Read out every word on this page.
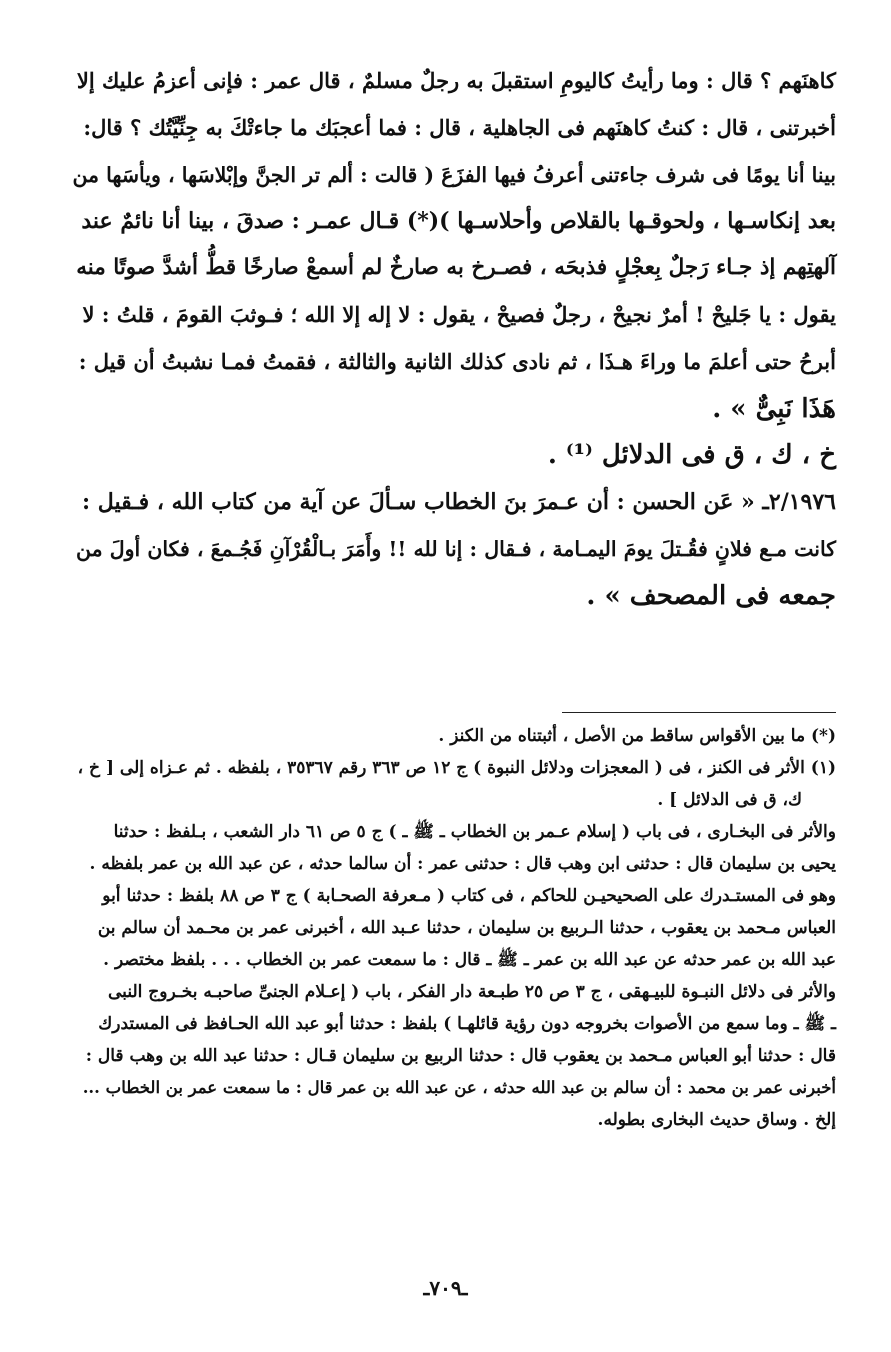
كاهنَهم ؟ قال : وما رأيتُ كاليومِ استقبلَ به رجلٌ مسلمٌ ، قال عمر : فإنى أعزمُ عليك إلا
أخبرتنى ، قال : كنتُ كاهنَهم فى الجاهلية ، قال : فما أعجبَك ما جاءتْكَ به جِنِّيَّتُك ؟ قال:
بينا أنا يومًا فى شرف جاءتنى أعرفُ فيها الفزَعَ ( قالت : ألم تر الجنَّ وإبْلاسَها ، ويأسَها من
بعد إنكاسـها ، ولحوقـها بالقلاص وأحلاسـها )(*) قـال عمـر : صدقَ ، بينا أنا نائمٌ عند
آلهتِهم إذ جـاء رَجلٌ بِعجْلٍ فذبحَه ، فصـرخ به صارخٌ لم أسمعْ صارخًا قطُّ أشدَّ صوتًا منه
يقول : يا جَليحْ ! أمرٌ نجيحْ ، رجلٌ فصيحْ ، يقول : لا إله إلا الله ؛ فـوثبَ القومَ ، قلتُ : لا
أبرحُ حتى أعلمَ ما وراءَ هـذَا ، ثم نادى كذلك الثانية والثالثة ، فقمتُ فمـا نشبتُ أن قيل :
هَذَا نَبِىٌّ » .
خ ، ك ، ق فى الدلائل ⁽¹⁾ .
٢/١٩٧٦ـ « عَن الحسن : أن عـمرَ بنَ الخطاب سـألَ عن آية من كتاب الله ، فـقيل :
كانت مـع فلانٍ فقُـتلَ يومَ اليمـامة ، فـقال : إنا لله !! وأَمَرَ بـالْقُرْآنِ فَجُـمعَ ، فكان أولَ من
جمعه فى المصحف » .
(*) ما بين الأقواس ساقط من الأصل ، أثبتناه من الكنز .
(١) الأثر فى الكنز ، فى ( المعجزات ودلائل النبوة ) ج ١٢ ص ٣٦٣ رقم ٣٥٣٦٧ ، بلفظه . ثم عـزاه إلى [ خ ،
ك، ق فى الدلائل ] .
والأثر فى البخـارى ، فى باب ( إسلام عـمر بن الخطاب ـ ﷺ ـ ) ج ٥ ص ٦١ دار الشعب ، بـلفظ : حدثنا
يحيى بن سليمان قال : حدثنى ابن وهب قال : حدثنى عمر : أن سالما حدثه ، عن عبد الله بن عمر بلفظه .
وهو فى المستـدرك على الصحيحيـن للحاكم ، فى كتاب ( مـعرفة الصحـابة ) ج ٣ ص ٨٨ بلفظ : حدثنا أبو
العباس مـحمد بن يعقوب ، حدثنا الـربيع بن سليمان ، حدثنا عـبد الله ، أخبرنى عمر بن محـمد أن سالم بن
عبد الله بن عمر حدثه عن عبد الله بن عمر ـ ﷺ ـ قال : ما سمعت عمر بن الخطاب . . . بلفظ مختصر .
والأثر فى دلائل النبـوة للبيـهقى ، ج ٣ ص ٢٥ طبـعة دار الفكر ، باب ( إعـلام الجنىِّ صاحبـه بخـروج النبى
ـ ﷺ ـ وما سمع من الأصوات بخروجه دون رؤية قائلهـا ) بلفظ : حدثنا أبو عبد الله الحـافظ فى المستدرك
قال : حدثنا أبو العباس مـحمد بن يعقوب قال : حدثنا الربيع بن سليمان قـال : حدثنا عبد الله بن وهب قال :
أخبرنى عمر بن محمد : أن سالم بن عبد الله حدثه ، عن عبد الله بن عمر قال : ما سمعت عمر بن الخطاب ...
إلخ . وساق حديث البخارى بطوله.
ـ٧٠٩ـ
